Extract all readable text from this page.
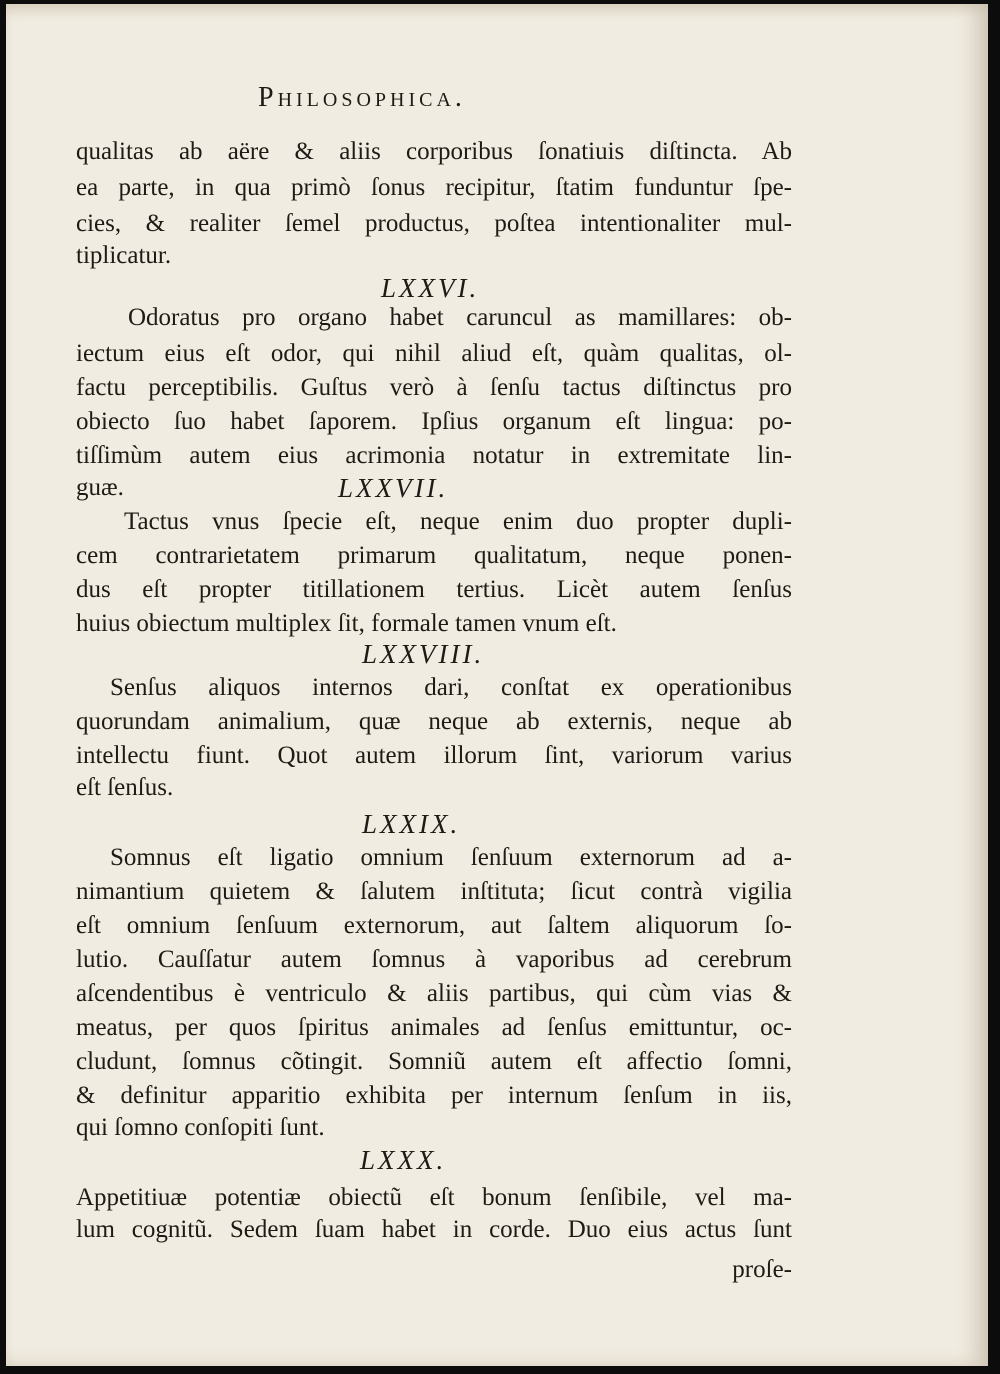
Philosophica.
qualitas ab aëre & aliis corporibus ſonatiuis diſtincta. Ab
ea parte, in qua primò ſonus recipitur, ſtatim funduntur ſpe-
cies, & realiter ſemel productus, poſtea intentionaliter mul-
tiplicatur.
LXXVI.
Odoratus pro organo habet caruncul as mamillares: ob-
iectum eius eſt odor, qui nihil aliud eſt, quàm qualitas, ol-
factu perceptibilis. Guſtus verò à ſenſu tactus diſtinctus pro
obiecto ſuo habet ſaporem. Ipſius organum eſt lingua: po-
tiſſimùm autem eius acrimonia notatur in extremitate lin-
guæ.	LXXVII.
Tactus vnus ſpecie eſt, neque enim duo propter dupli-
cem contrarietatem primarum qualitatum, neque ponen-
dus eſt propter titillationem tertius. Licèt autem ſenſus
huius obiectum multiplex ſit, formale tamen vnum eſt.
LXXVIII.
Senſus aliquos internos dari, conſtat ex operationibus
quorundam animalium, quæ neque ab externis, neque ab
intellectu fiunt. Quot autem illorum ſint, variorum varius
eſt ſenſus.
LXXIX.
Somnus eſt ligatio omnium ſenſuum externorum ad a-
nimantium quietem & ſalutem inſtituta; ſicut contrà vigilia
eſt omnium ſenſuum externorum, aut ſaltem aliquorum ſo-
lutio. Cauſſatur autem ſomnus à vaporibus ad cerebrum
aſcendentibus è ventriculo & aliis partibus, qui cùm vias &
meatus, per quos ſpiritus animales ad ſenſus emittuntur, oc-
cludunt, ſomnus cõtingit. Somniũ autem eſt affectio ſomni,
& definitur apparitio exhibita per internum ſenſum in iis,
qui ſomno conſopiti ſunt.
LXXX.
Appetitiuæ potentiæ obiectũ eſt bonum ſenſibile, vel ma-
lum cognitũ. Sedem ſuam habet in corde. Duo eius actus ſunt
proſe-
